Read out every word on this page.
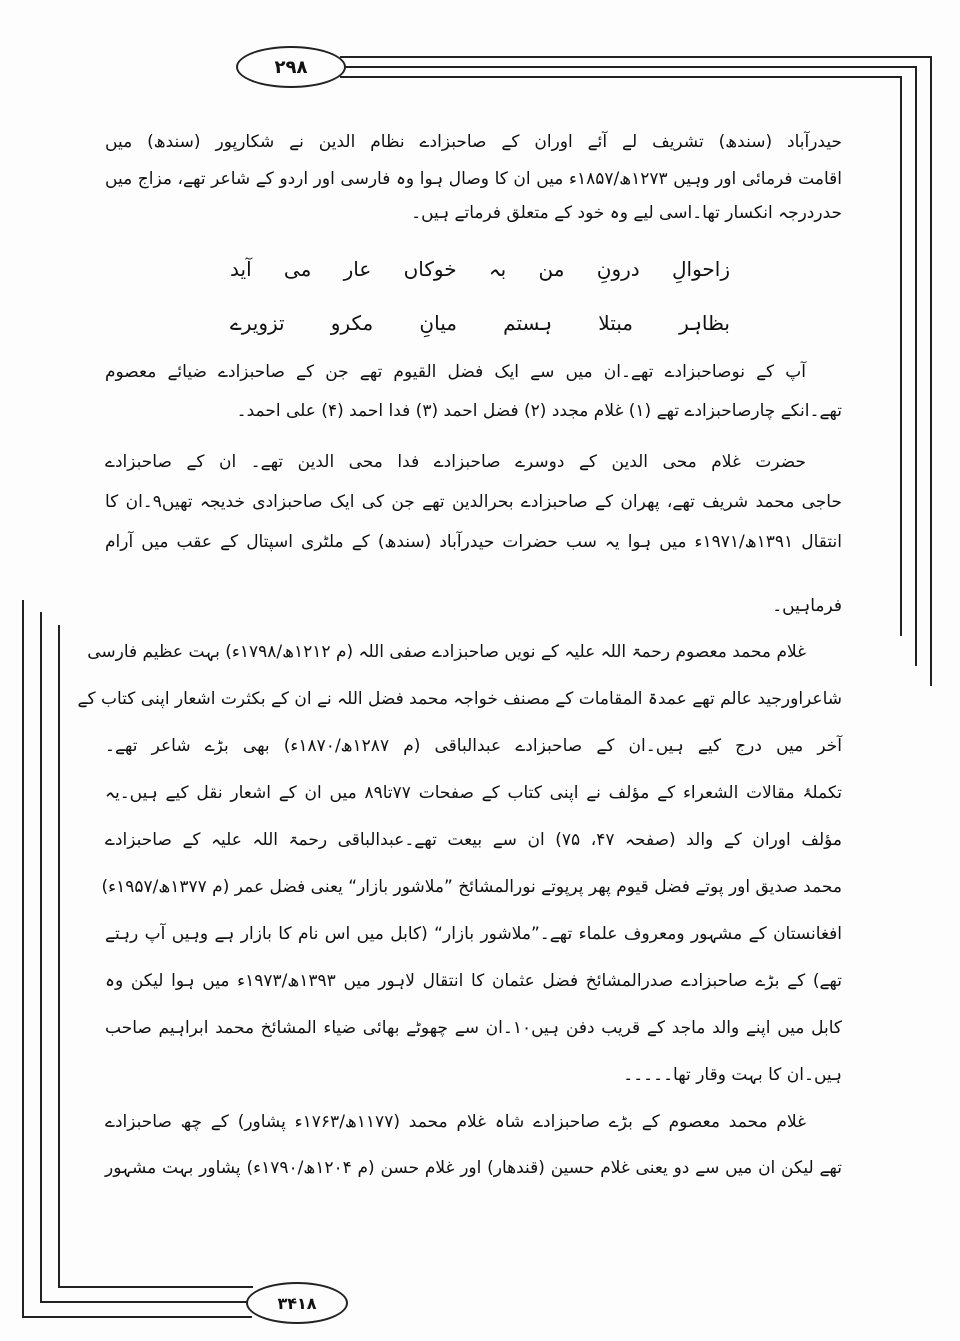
۲۹۸
۳۴۱۸
زاحوالِ درونِ من بہ خوکاں عار می آید
بظاہر مبتلا ہستم میانِ مکرو تزویرے
حیدرآباد (سندھ) تشریف لے آئے اوران کے صاحبزادے نظام الدین نے شکارپور (سندھ) میں
اقامت فرمائی اور وہیں ۱۲۷۳ھ/۱۸۵۷ء میں ان کا وصال ہوا وہ فارسی اور اردو کے شاعر تھے، مزاج میں
حدردرجہ انکسار تھا۔اسی لیے وہ خود کے متعلق فرماتے ہیں۔
آپ کے نوصاحبزادے تھے۔ان میں سے ایک فضل القیوم تھے جن کے صاحبزادے ضیائے معصوم
تھے۔انکے چارصاحبزادے تھے (۱) غلام مجدد (۲) فضل احمد (۳) فدا احمد (۴) علی احمد۔
حضرت غلام محی الدین کے دوسرے صاحبزادے فدا محی الدین تھے۔ ان کے صاحبزادے
حاجی محمد شریف تھے، پھران کے صاحبزادے بحرالدین تھے جن کی ایک صاحبزادی خدیجہ تھیں۹۔ان کا
انتقال ۱۳۹۱ھ/۱۹۷۱ء میں ہوا یہ سب حضرات حیدرآباد (سندھ) کے ملٹری اسپتال کے عقب میں آرام
فرماہیں۔
غلام محمد معصوم رحمۃ اللہ علیہ کے نویں صاحبزادے صفی اللہ (م ۱۲۱۲ھ/۱۷۹۸ء) بہت عظیم فارسی
شاعراورجید عالم تھے عمدۃ المقامات کے مصنف خواجہ محمد فضل اللہ نے ان کے بکثرت اشعار اپنی کتاب کے
آخر میں درج کیے ہیں۔ان کے صاحبزادے عبدالباقی (م ۱۲۸۷ھ/۱۸۷۰ء) بھی بڑے شاعر تھے۔
تکملۂ مقالات الشعراء کے مؤلف نے اپنی کتاب کے صفحات ۷۷تا۸۹ میں ان کے اشعار نقل کیے ہیں۔یہ
مؤلف اوران کے والد (صفحہ ۴۷، ۷۵) ان سے بیعت تھے۔عبدالباقی رحمۃ اللہ علیہ کے صاحبزادے
محمد صدیق اور پوتے فضل قیوم پھر پرپوتے نورالمشائخ ”ملاشور بازار“ یعنی فضل عمر (م ۱۳۷۷ھ/۱۹۵۷ء)
افغانستان کے مشہور ومعروف علماء تھے۔”ملاشور بازار“ (کابل میں اس نام کا بازار ہے وہیں آپ رہتے
تھے) کے بڑے صاحبزادے صدرالمشائخ فضل عثمان کا انتقال لاہور میں ۱۳۹۳ھ/۱۹۷۳ء میں ہوا لیکن وہ
کابل میں اپنے والد ماجد کے قریب دفن ہیں۱۰۔ان سے چھوٹے بھائی ضیاء المشائخ محمد ابراہیم صاحب
ہیں۔ان کا بہت وقار تھا۔۔۔۔۔
غلام محمد معصوم کے بڑے صاحبزادے شاہ غلام محمد (۱۱۷۷ھ/۱۷۶۳ء پشاور) کے چھ صاحبزادے
تھے لیکن ان میں سے دو یعنی غلام حسین (قندھار) اور غلام حسن (م ۱۲۰۴ھ/۱۷۹۰ء) پشاور بہت مشہور
